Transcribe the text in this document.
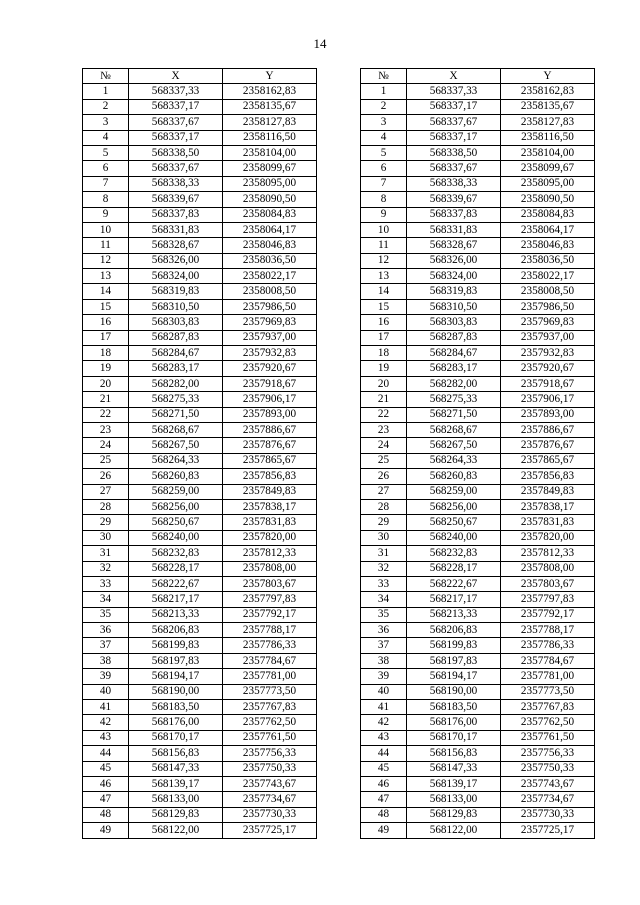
14
№	X	Y		№	X	Y
1	568337,33	2358162,83		1	568337,33	2358162,83
2	568337,17	2358135,67		2	568337,17	2358135,67
3	568337,67	2358127,83		3	568337,67	2358127,83
4	568337,17	2358116,50		4	568337,17	2358116,50
5	568338,50	2358104,00		5	568338,50	2358104,00
6	568337,67	2358099,67		6	568337,67	2358099,67
7	568338,33	2358095,00		7	568338,33	2358095,00
8	568339,67	2358090,50		8	568339,67	2358090,50
9	568337,83	2358084,83		9	568337,83	2358084,83
10	568331,83	2358064,17		10	568331,83	2358064,17
11	568328,67	2358046,83		11	568328,67	2358046,83
12	568326,00	2358036,50		12	568326,00	2358036,50
13	568324,00	2358022,17		13	568324,00	2358022,17
14	568319,83	2358008,50		14	568319,83	2358008,50
15	568310,50	2357986,50		15	568310,50	2357986,50
16	568303,83	2357969,83		16	568303,83	2357969,83
17	568287,83	2357937,00		17	568287,83	2357937,00
18	568284,67	2357932,83		18	568284,67	2357932,83
19	568283,17	2357920,67		19	568283,17	2357920,67
20	568282,00	2357918,67		20	568282,00	2357918,67
21	568275,33	2357906,17		21	568275,33	2357906,17
22	568271,50	2357893,00		22	568271,50	2357893,00
23	568268,67	2357886,67		23	568268,67	2357886,67
24	568267,50	2357876,67		24	568267,50	2357876,67
25	568264,33	2357865,67		25	568264,33	2357865,67
26	568260,83	2357856,83		26	568260,83	2357856,83
27	568259,00	2357849,83		27	568259,00	2357849,83
28	568256,00	2357838,17		28	568256,00	2357838,17
29	568250,67	2357831,83		29	568250,67	2357831,83
30	568240,00	2357820,00		30	568240,00	2357820,00
31	568232,83	2357812,33		31	568232,83	2357812,33
32	568228,17	2357808,00		32	568228,17	2357808,00
33	568222,67	2357803,67		33	568222,67	2357803,67
34	568217,17	2357797,83		34	568217,17	2357797,83
35	568213,33	2357792,17		35	568213,33	2357792,17
36	568206,83	2357788,17		36	568206,83	2357788,17
37	568199,83	2357786,33		37	568199,83	2357786,33
38	568197,83	2357784,67		38	568197,83	2357784,67
39	568194,17	2357781,00		39	568194,17	2357781,00
40	568190,00	2357773,50		40	568190,00	2357773,50
41	568183,50	2357767,83		41	568183,50	2357767,83
42	568176,00	2357762,50		42	568176,00	2357762,50
43	568170,17	2357761,50		43	568170,17	2357761,50
44	568156,83	2357756,33		44	568156,83	2357756,33
45	568147,33	2357750,33		45	568147,33	2357750,33
46	568139,17	2357743,67		46	568139,17	2357743,67
47	568133,00	2357734,67		47	568133,00	2357734,67
48	568129,83	2357730,33		48	568129,83	2357730,33
49	568122,00	2357725,17		49	568122,00	2357725,17
